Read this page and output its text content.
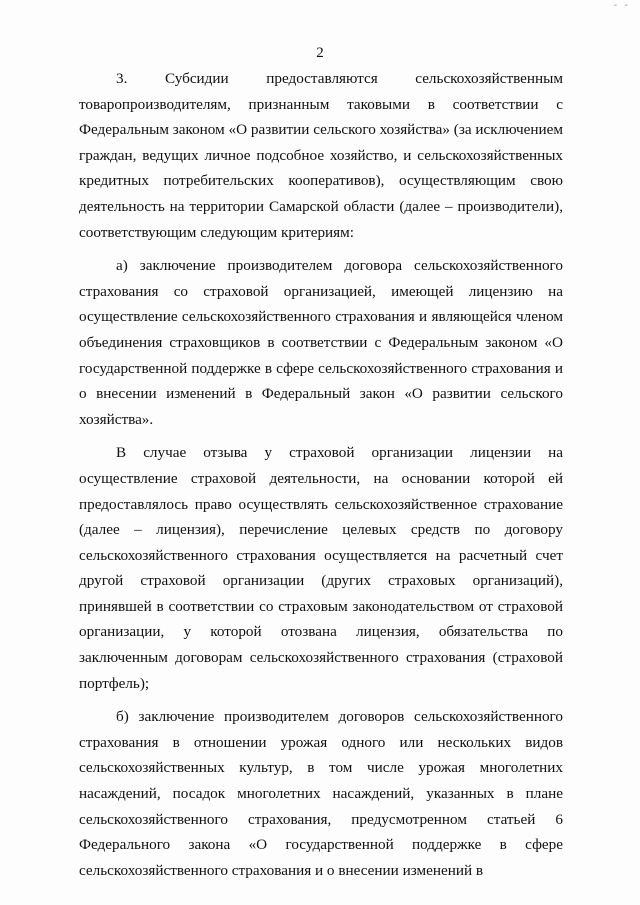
- -
2

3. Субсидии предоставляются сельскохозяйственным товаропроизводителям, признанным таковыми в соответствии с Федеральным законом «О развитии сельского хозяйства» (за исключением граждан, ведущих личное подсобное хозяйство, и сельскохозяйственных кредитных потребительских кооперативов), осуществляющим свою деятельность на территории Самарской области (далее – производители), соответствующим следующим критериям:

а) заключение производителем договора сельскохозяйственного страхования со страховой организацией, имеющей лицензию на осуществление сельскохозяйственного страхования и являющейся членом объединения страховщиков в соответствии с Федеральным законом «О государственной поддержке в сфере сельскохозяйственного страхования и о внесении изменений в Федеральный закон «О развитии сельского хозяйства».

В случае отзыва у страховой организации лицензии на осуществление страховой деятельности, на основании которой ей предоставлялось право осуществлять сельскохозяйственное страхование (далее – лицензия), перечисление целевых средств по договору сельскохозяйственного страхования осуществляется на расчетный счет другой страховой организации (других страховых организаций), принявшей в соответствии со страховым законодательством от страховой организации, у которой отозвана лицензия, обязательства по заключенным договорам сельскохозяйственного страхования (страховой портфель);

б) заключение производителем договоров сельскохозяйственного страхования в отношении урожая одного или нескольких видов сельскохозяйственных культур, в том числе урожая многолетних насаждений, посадок многолетних насаждений, указанных в плане сельскохозяйственного страхования, предусмотренном статьей 6 Федерального закона «О государственной поддержке в сфере сельскохозяйственного страхования и о внесении изменений в
